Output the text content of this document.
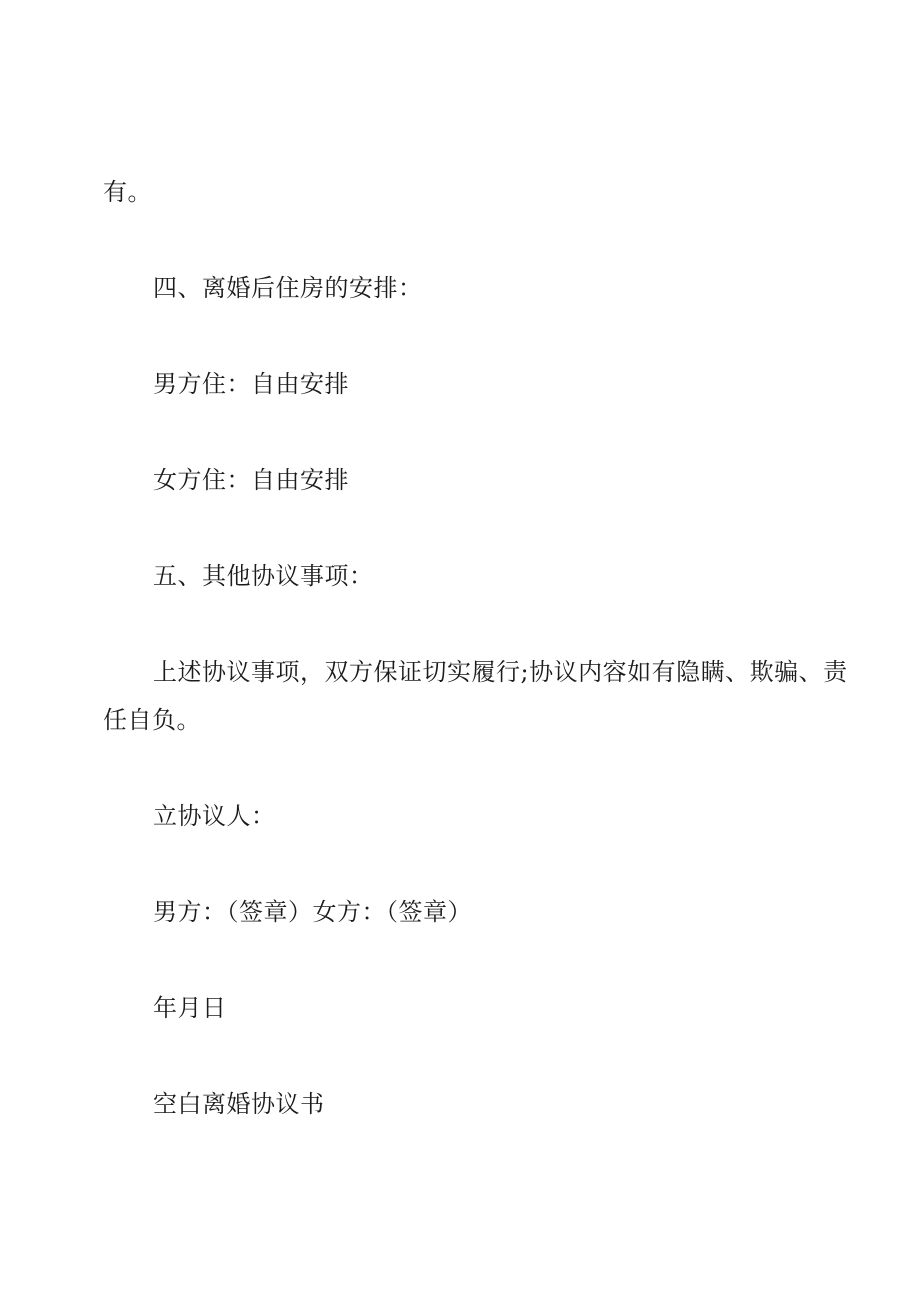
有。
四、离婚后住房的安排：
男方住：自由安排
女方住：自由安排
五、其他协议事项：
上述协议事项，双方保证切实履行;协议内容如有隐瞒、欺骗、责
任自负。
立协议人：
男方：（签章）女方：（签章）
年月日
空白离婚协议书
